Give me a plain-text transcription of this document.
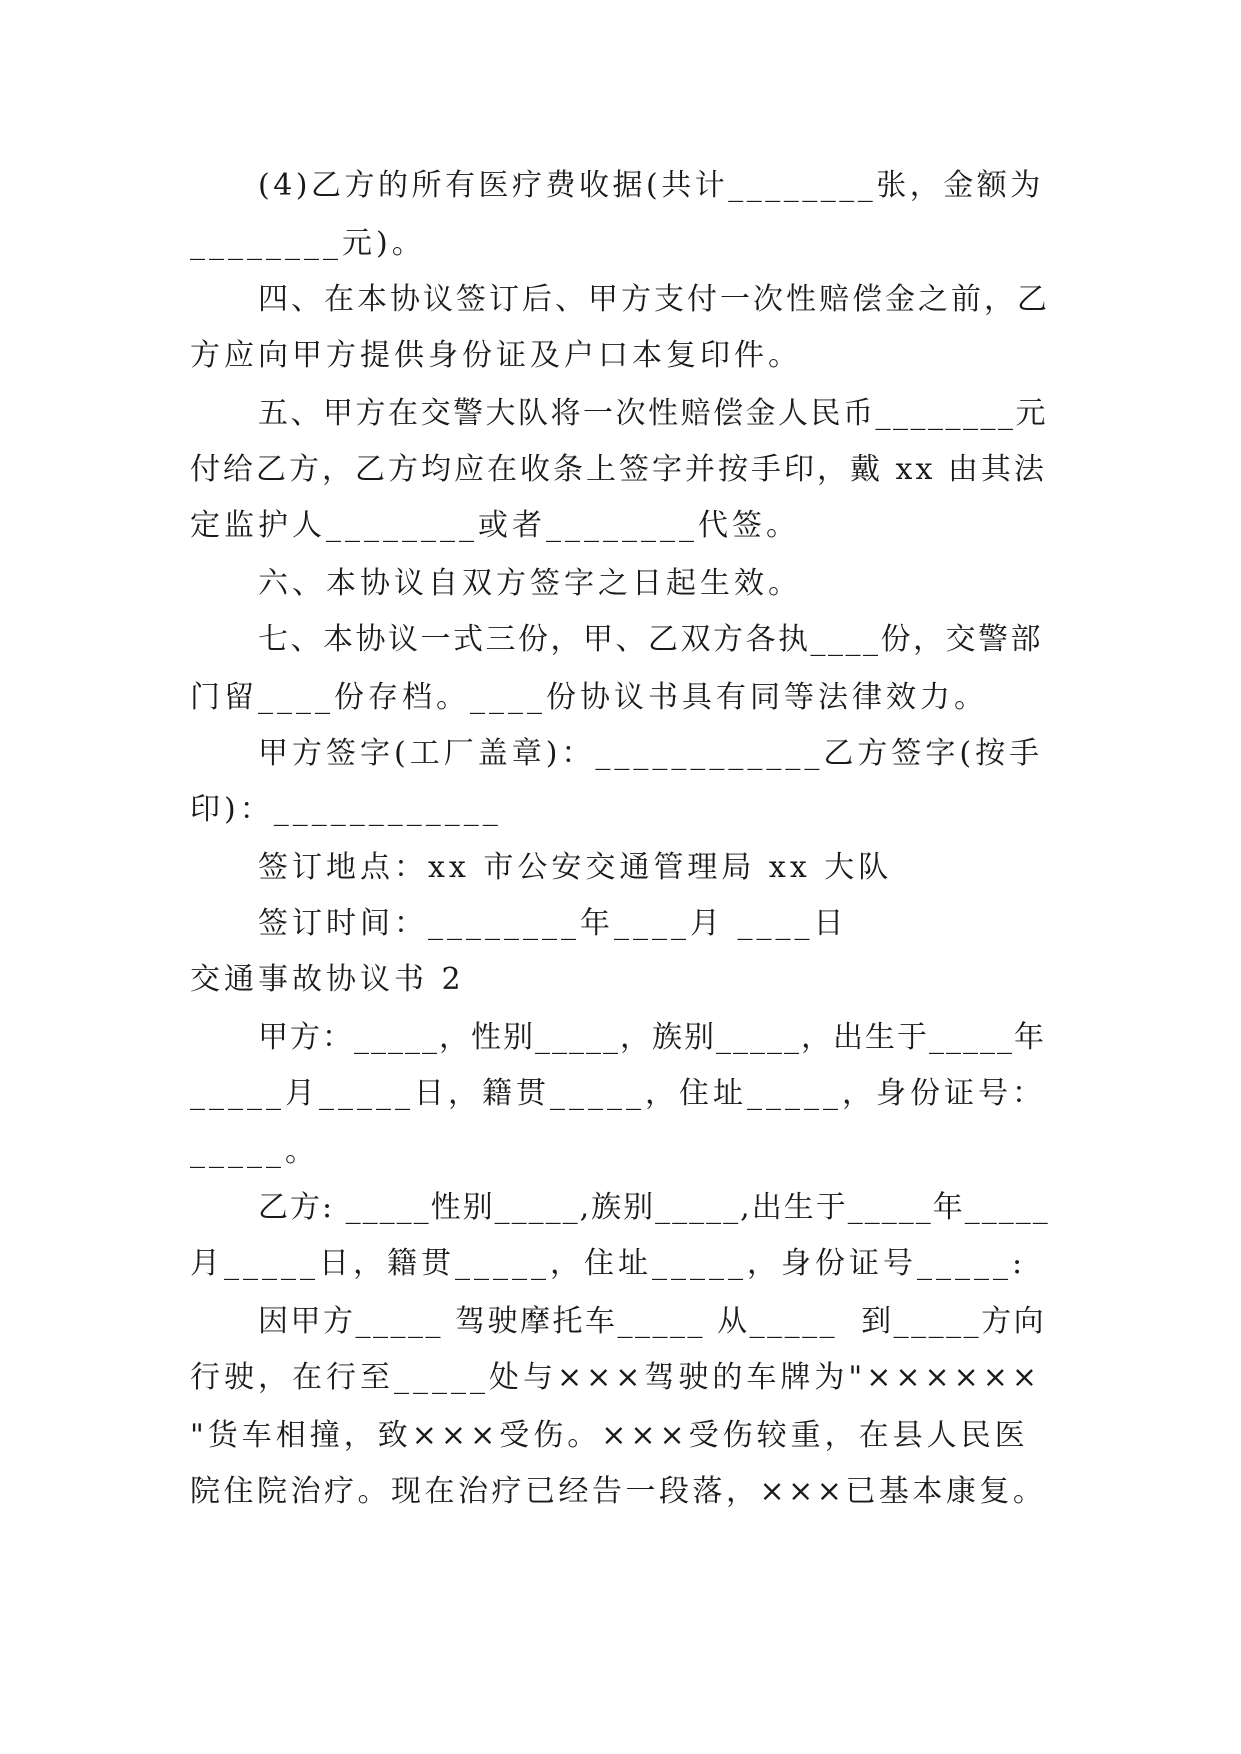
(4)乙方的所有医疗费收据(共计________张，金额为
________元)。
四、在本协议签订后、甲方支付一次性赔偿金之前，乙
方应向甲方提供身份证及户口本复印件。
五、甲方在交警大队将一次性赔偿金人民币________元
付给乙方，乙方均应在收条上签字并按手印，戴 xx 由其法
定监护人________或者________代签。
六、本协议自双方签字之日起生效。
七、本协议一式三份，甲、乙双方各执____份，交警部
门留____份存档。____份协议书具有同等法律效力。
甲方签字(工厂盖章)：____________乙方签字(按手
印)：____________
签订地点：xx 市公安交通管理局 xx 大队
签订时间：________年____月 ____日
交通事故协议书 2
甲方：_____，性别_____，族别_____，出生于_____年
_____月_____日，籍贯_____，住址_____，身份证号：
_____。
乙方: _____性别_____,族别_____,出生于_____年_____
月_____日，籍贯_____，住址_____，身份证号_____:
因甲方_____ 驾驶摩托车_____ 从_____  到_____方向
行驶，在行至_____处与×××驾驶的车牌为"××××××
"货车相撞，致×××受伤。×××受伤较重，在县人民医
院住院治疗。现在治疗已经告一段落，×××已基本康复。
